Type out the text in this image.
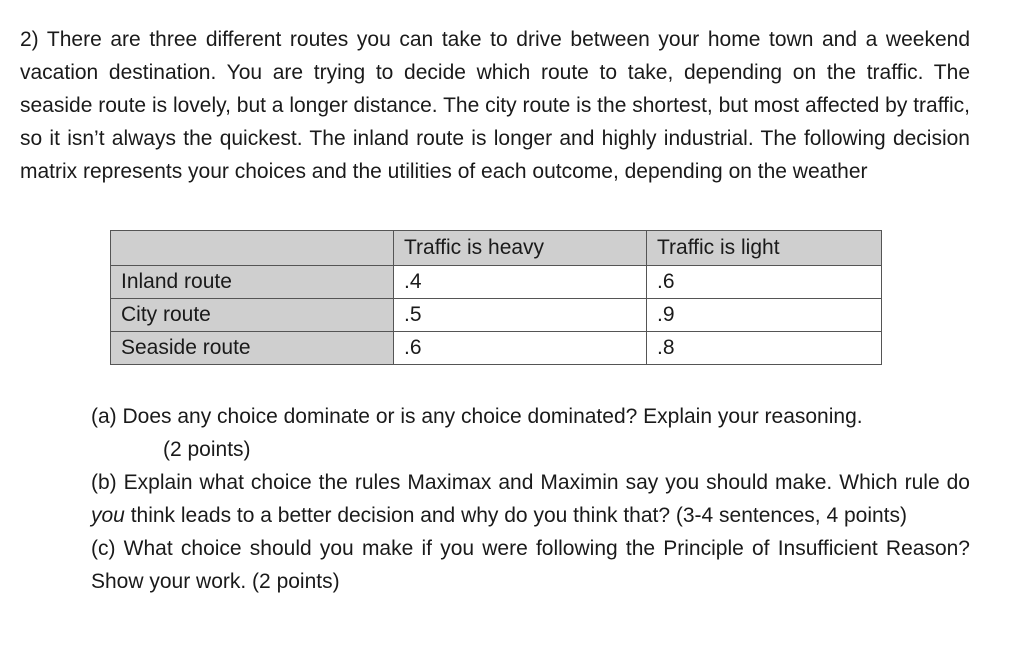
2) There are three different routes you can take to drive between your home town and a weekend vacation destination. You are trying to decide which route to take, depending on the traffic. The seaside route is lovely, but a longer distance. The city route is the shortest, but most affected by traffic, so it isn’t always the quickest. The inland route is longer and highly industrial. The following decision matrix represents your choices and the utilities of each outcome, depending on the weather

	Traffic is heavy	Traffic is light
Inland route	.4	.6
City route	.5	.9
Seaside route	.6	.8
(a) Does any choice dominate or is any choice dominated? Explain your reasoning.
(2 points)
(b) Explain what choice the rules Maximax and Maximin say you should make. Which rule do you think leads to a better decision and why do you think that? (3-4 sentences, 4 points)
(c) What choice should you make if you were following the Principle of Insufficient Reason? Show your work. (2 points)
